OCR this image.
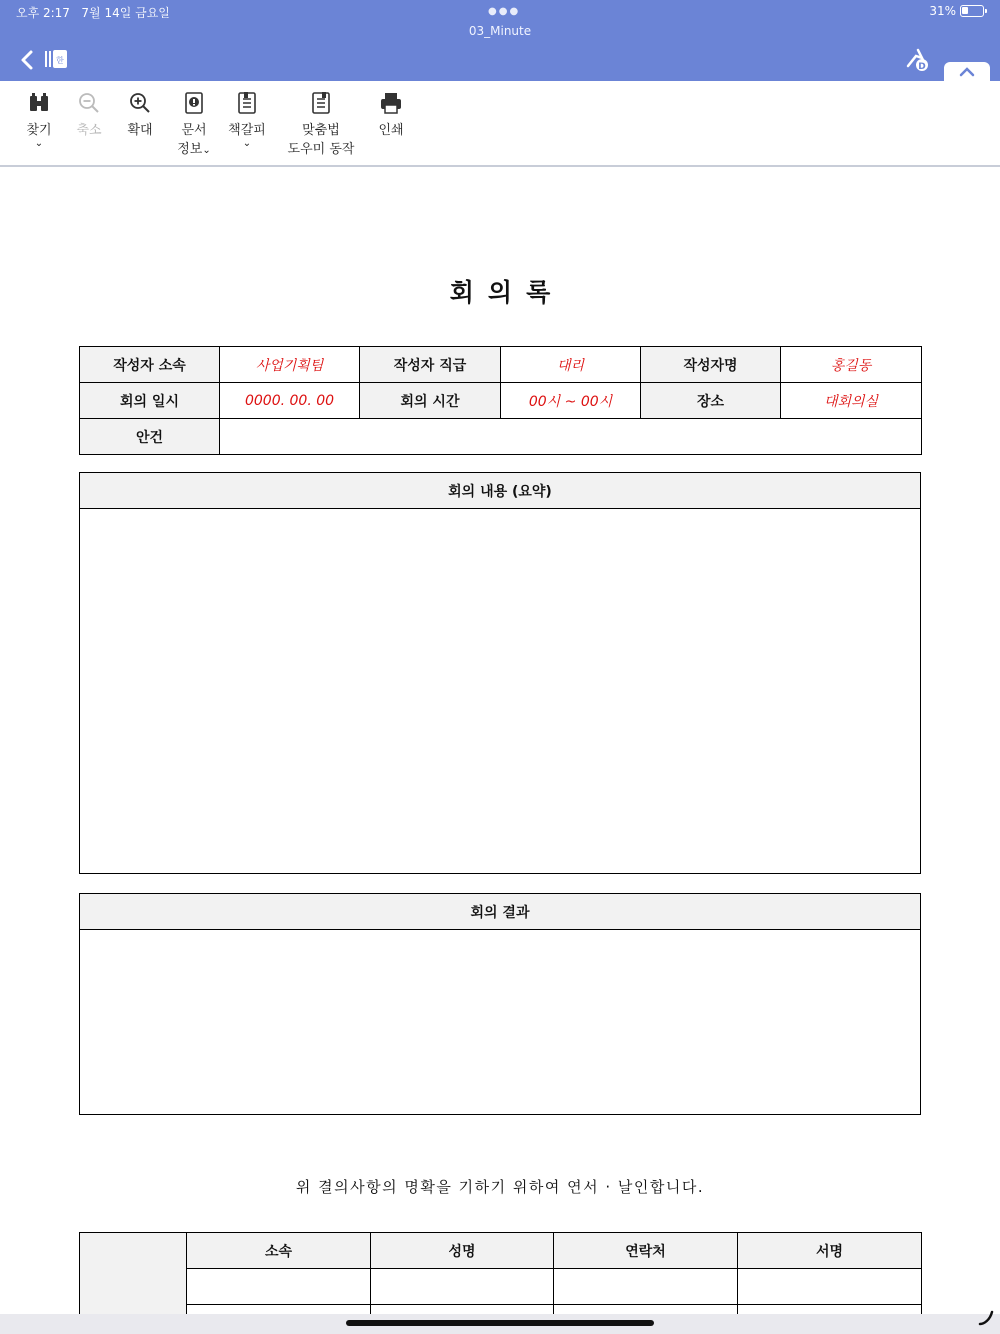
오후 2:17 7월 14일 금요일	●●●	31%
03_Minute
한
D
찾기
⌄
축소 확대	문서
정보⌄
책갈피
⌄
맞춤법
도우미 동작
인쇄
회의록
작성자 소속	사업기획팀	작성자 직급	대리	작성자명	홍길동
회의 일시	0000. 00. 00	회의 시간	00시 ~ 00시	장소	대회의실
안건					
회의 내용 (요약)
회의 결과
위 결의사항의 명확을 기하기 위하여 연서 · 날인합니다.
	소속	성명	연락처	서명
